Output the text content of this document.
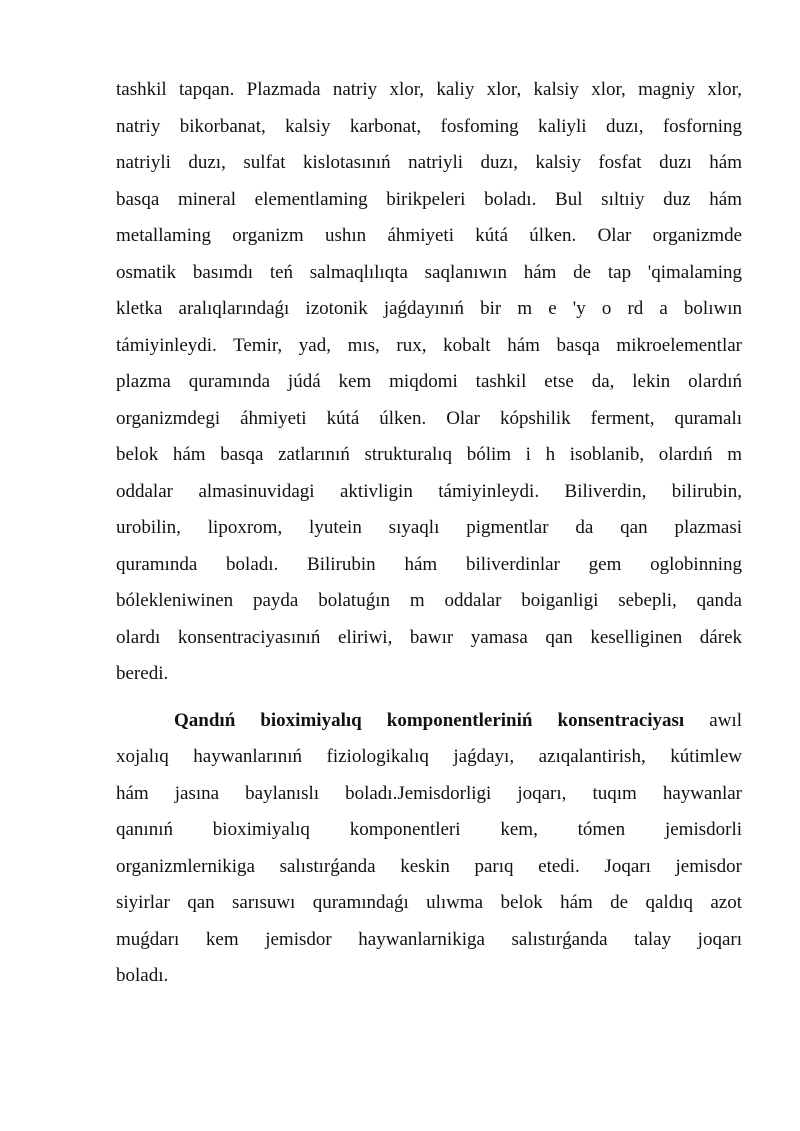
tashkil tapqan. Plazmada natriy xlor, kaliy xlor, kalsiy xlor, magniy xlor,
natriy bikorbanat, kalsiy karbonat, fosfoming kaliyli duzı, fosforning
natriyli duzı, sulfat kislotasınıń natriyli duzı, kalsiy fosfat duzı hám
basqa mineral elementlaming birikpeleri boladı. Bul sıltıiy duz hám
metallaming organizm ushın áhmiyeti kútá úlken. Olar organizmde
osmatik basımdı teń salmaqlılıqta saqlanıwın hám de tap 'qimalaming
kletka aralıqlarındaǵı izotonik jaǵdayınıń bir m e 'y o rd a bolıwın
támiyinleydi. Temir, yad, mıs, rux, kobalt hám basqa mikroelementlar
plazma quramında júdá kem miqdomi tashkil etse da, lekin olardıń
organizmdegi áhmiyeti kútá úlken. Olar kópshilik ferment, quramalı
belok hám basqa zatlarınıń strukturalıq bólim i h isoblanib, olardıń m
oddalar almasinuvidagi aktivligin támiyinleydi. Biliverdin, bilirubin,
urobilin, lipoxrom, lyutein sıyaqlı pigmentlar da qan plazmasi
quramında boladı. Bilirubin hám biliverdinlar gem oglobinning
bólekleniwinen payda bolatuǵın m oddalar boiganligi sebepli, qanda
olardı konsentraciyasınıń eliriwi, bawır yamasa qan keselliginen dárek
beredi.
Qandıń bioximiyalıq komponentleriniń konsentraciyası awıl
xojalıq haywanlarınıń fiziologikalıq jaǵdayı, azıqalantirish, kútimlew
hám jasına baylanıslı boladı.Jemisdorligi joqarı, tuqım haywanlar
qanınıń bioximiyalıq komponentleri kem, tómen jemisdorli
organizmlernikiga salıstırǵanda keskin parıq etedi. Joqarı jemisdor
siyirlar qan sarısuwı quramındaǵı ulıwma belok hám de qaldıq azot
muǵdarı kem jemisdor haywanlarnikiga salıstırǵanda talay joqarı
boladı.
